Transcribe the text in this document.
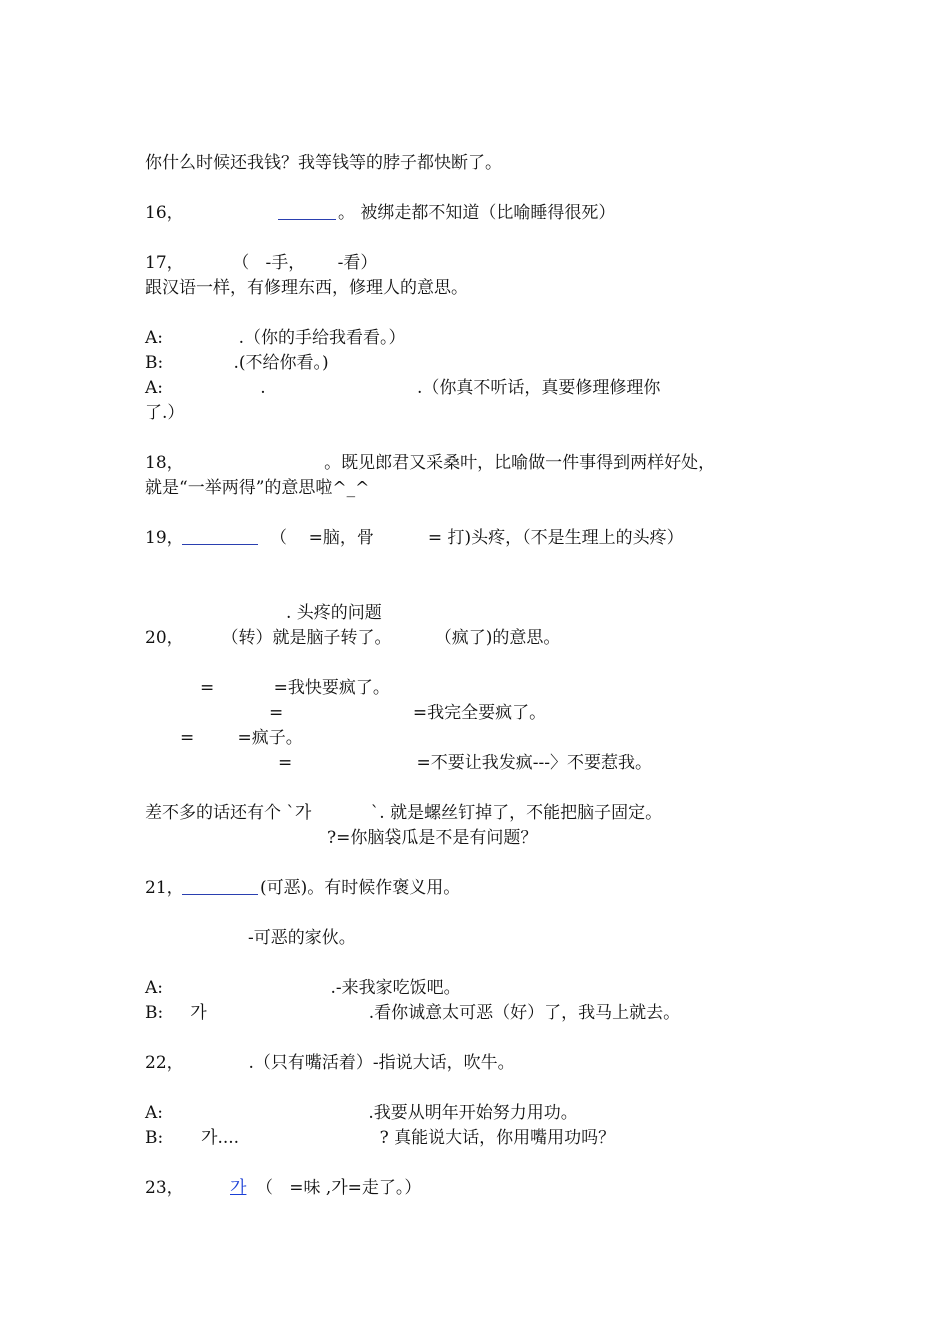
你什么时候还我钱？我等钱等的脖子都快断了。
16，	。 被绑走都不知道（比喻睡得很死）
17，         （   -手，      -看）
跟汉语一样，有修理东西，修理人的意思。
A:              .（你的手给我看看。）
B:             .(不给你看。)
A:                  .                            .（你真不听话，真要修理修理你
了.）
18，                          。既见郎君又采桑叶，比喻做一件事得到两样好处，
就是“一举两得”的意思啦^_^
19，	（    =脑，骨          = 打)头疼，（不是生理上的头疼）
. 头疼的问题
20，       （转）就是脑子转了。        （疯了)的意思。
=           =我快要疯了。
=                        =我完全要疯了。
=        =疯子。
=                       =不要让我发疯---〉不要惹我。
差不多的话还有个 `가           `. 就是螺丝钉掉了，不能把脑子固定。
?=你脑袋瓜是不是有问题？
21，	(可恶)。有时候作褒义用。
-可恶的家伙。
A:                               .-来我家吃饭吧。
B:     가                              .看你诚意太可恶（好）了，我马上就去。
22，            .（只有嘴活着）-指说大话，吹牛。
A:                                      .我要从明年开始努力用功。
B:       가....                          ? 真能说大话，你用嘴用功吗？
23，	가 （   =味 ,가=走了。）
